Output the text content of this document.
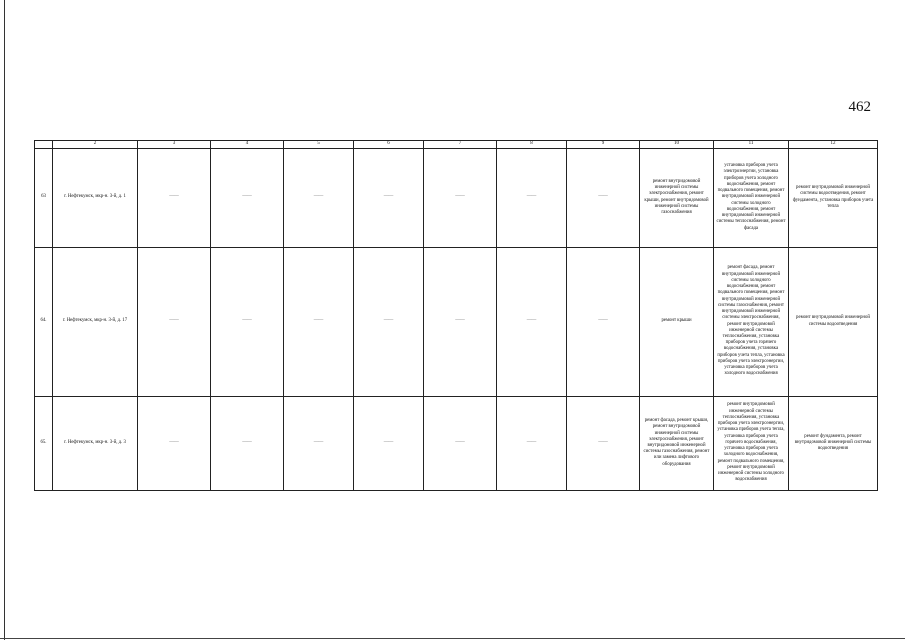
462
	2	3	4	5	6	7	8	9	10	11	12
63	г. Нефтекумск, мкр-н. 3-й, д. 1	——	——	——	——	——	——	——	ремонт внутридомовой инженерной системы электроснабжения, ремонт крыши, ремонт внутридомовой инженерной системы газоснабжения	установка приборов учета электроэнергии, установка приборов учета холодного водоснабжения, ремонт подвального помещения, ремонт внутридомовой инженерной системы холодного водоснабжения, ремонт внутридомовой инженерной системы теплоснабжения, ремонт фасада	ремонт внутридомовой инженерной системы водоотведения, ремонт фундамента, установка приборов учета тепла
64.	г. Нефтекумск, мкр-н. 3-й, д. 17	——	——	——	——	——	——	——	ремонт крыши	ремонт фасада, ремонт внутридомовой инженерной системы холодного водоснабжения, ремонт подвального помещения, ремонт внутридомовой инженерной системы газоснабжения, ремонт внутридомовой инженерной системы электроснабжения, ремонт внутридомовой инженерной системы теплоснабжения, установка приборов учета горячего водоснабжения, установка приборов учета тепла, установка приборов учета электроэнергии, установка приборов учета холодного водоснабжения	ремонт внутридомовой инженерной системы водоотведения
65.	г. Нефтекумск, мкр-н. 3-й, д. 3	——	——	——	——	——	——	——	ремонт фасада, ремонт крыши, ремонт внутридомовой инженерной системы электроснабжения, ремонт внутридомовой инженерной системы газоснабжения, ремонт или замена лифтового оборудования	ремонт внутридомовой инженерной системы теплоснабжения, установка приборов учета электроэнергии, установка приборов учета тепла, установка приборов учета горячего водоснабжения, установка приборов учета холодного водоснабжения, ремонт подвального помещения, ремонт внутридомовой инженерной системы холодного водоснабжения	ремонт фундамента, ремонт внутридомовой инженерной системы водоотведения
